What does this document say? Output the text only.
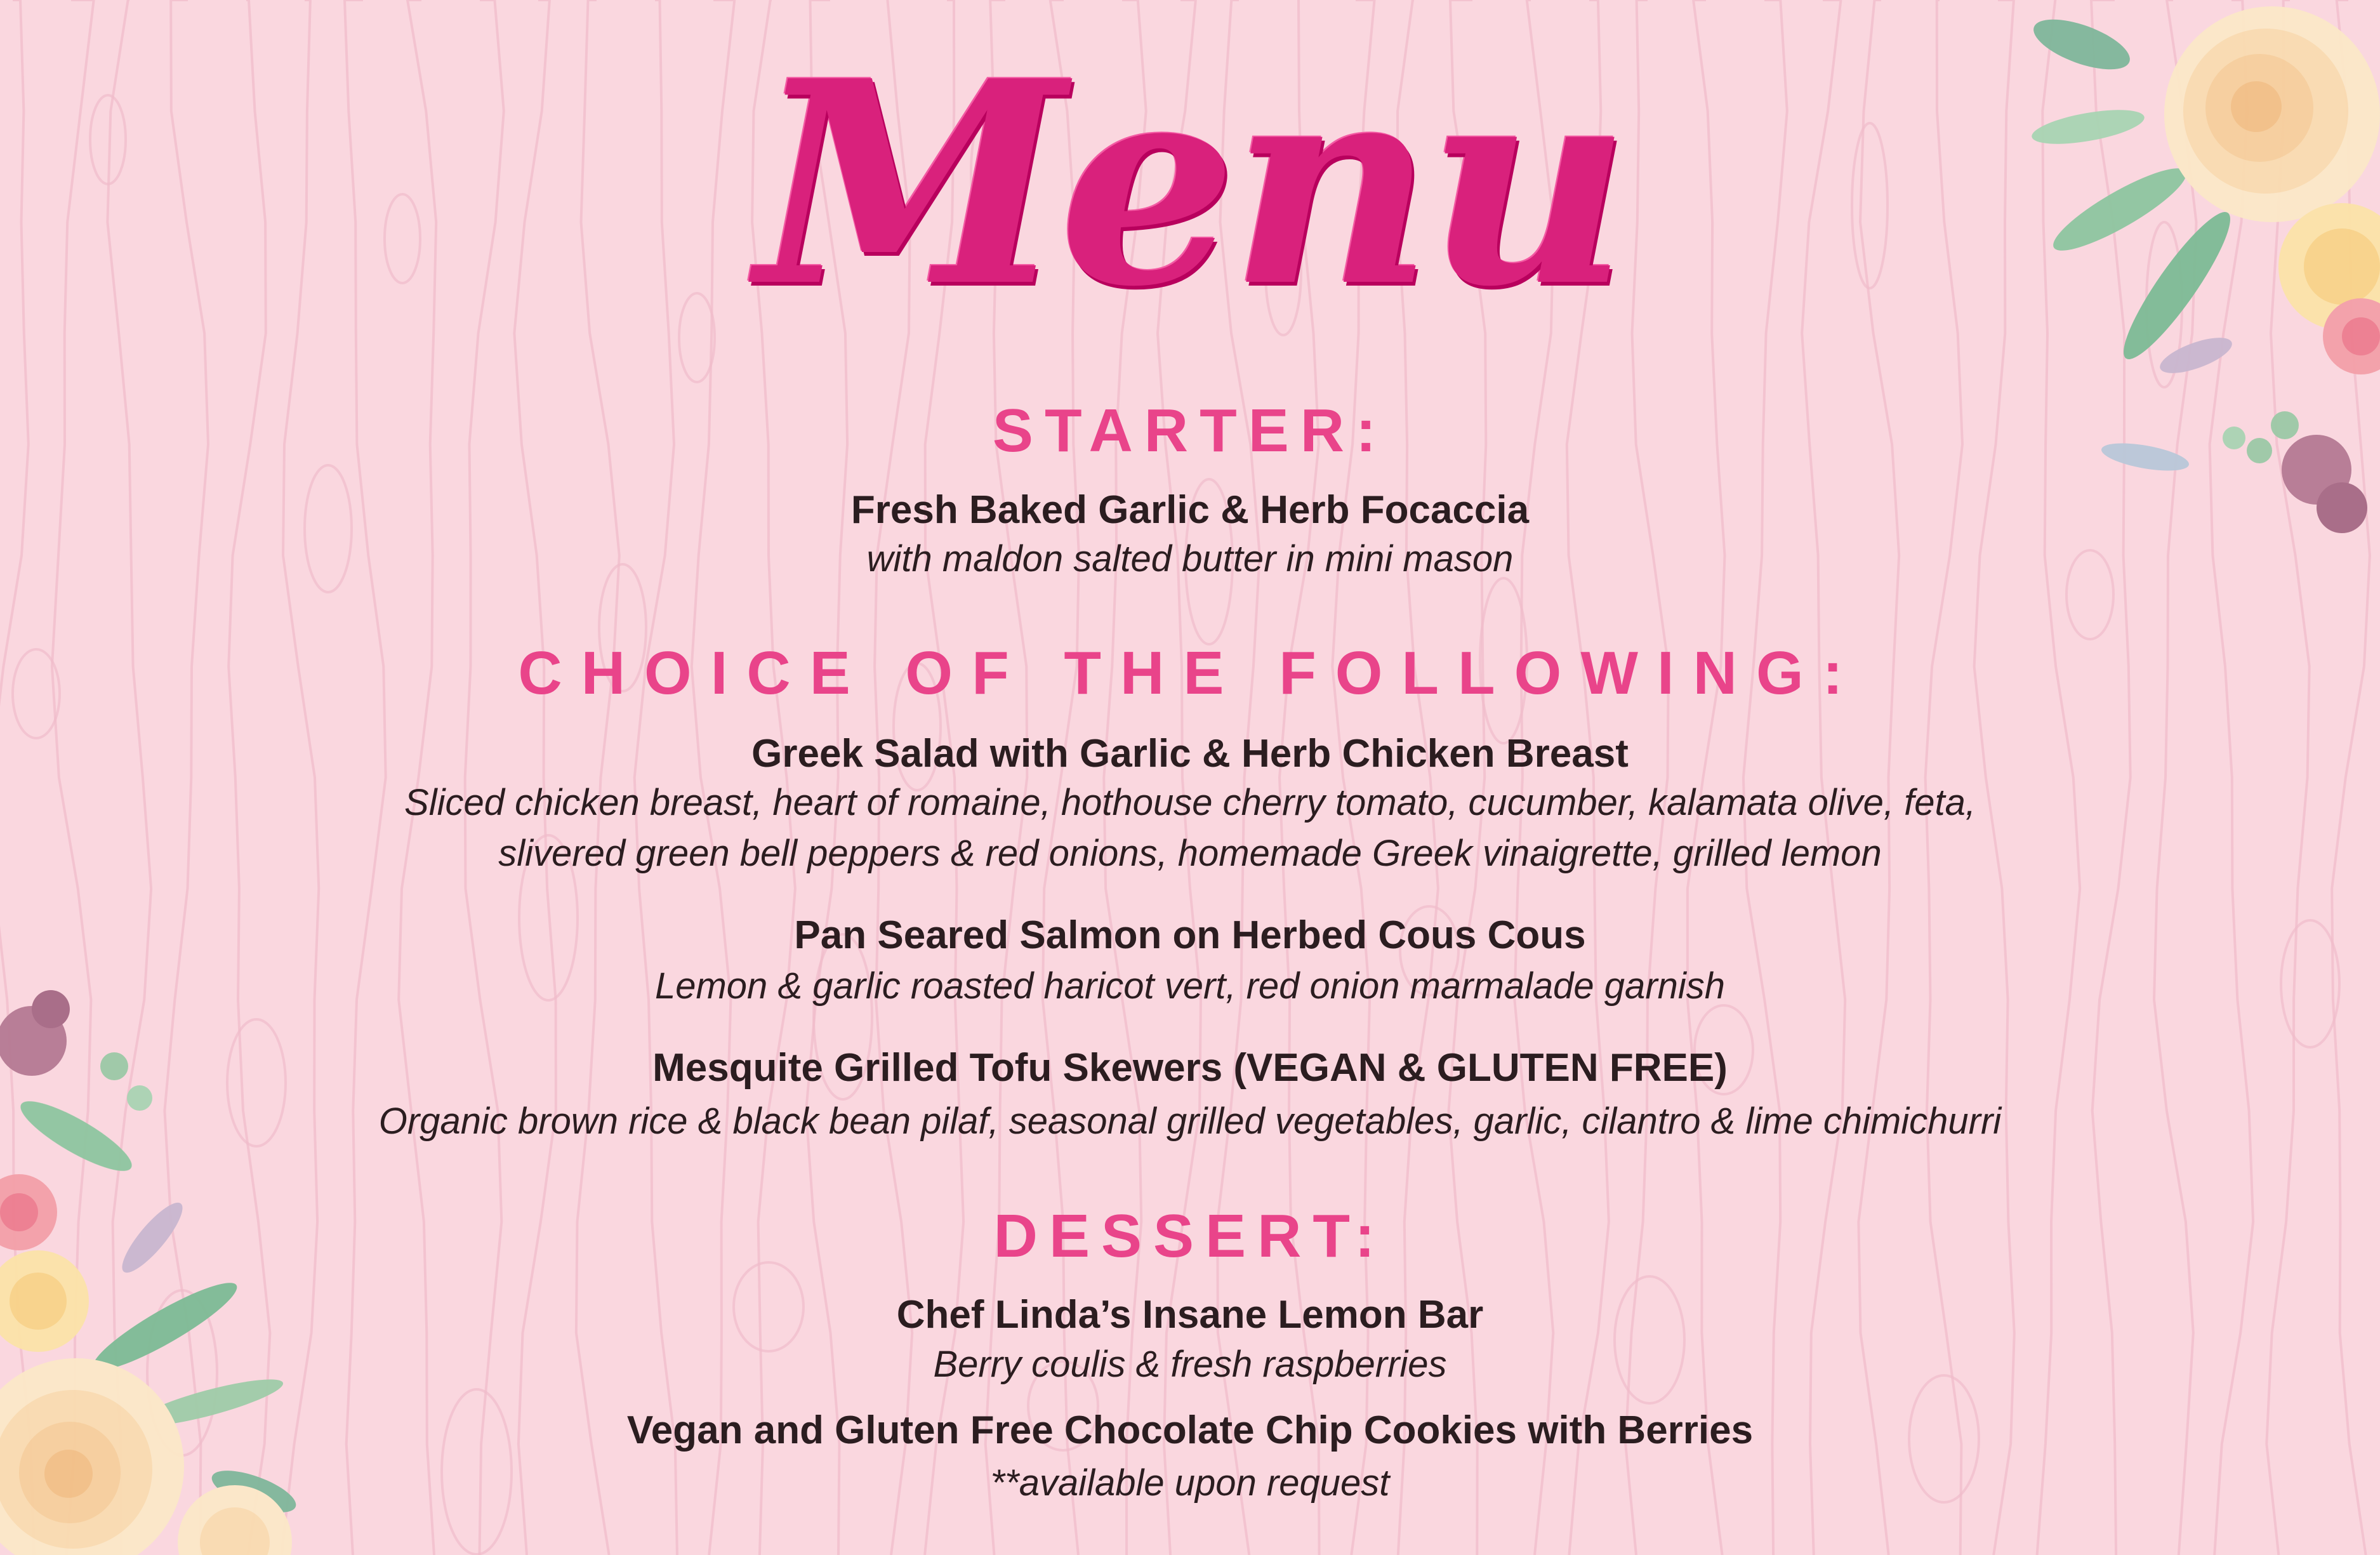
Menu
STARTER:
Fresh Baked Garlic & Herb Focaccia
with maldon salted butter in mini mason
CHOICE OF THE FOLLOWING:
Greek Salad with Garlic & Herb Chicken Breast
Sliced chicken breast, heart of romaine, hothouse cherry tomato, cucumber, kalamata olive, feta,
slivered green bell peppers & red onions, homemade Greek vinaigrette, grilled lemon
Pan Seared Salmon on Herbed Cous Cous
Lemon & garlic roasted haricot vert, red onion marmalade garnish
Mesquite Grilled Tofu Skewers (VEGAN & GLUTEN FREE)
Organic brown rice & black bean pilaf, seasonal grilled vegetables, garlic, cilantro & lime chimichurri
DESSERT:
Chef Linda’s Insane Lemon Bar
Berry coulis & fresh raspberries
Vegan and Gluten Free Chocolate Chip Cookies with Berries
**available upon request
